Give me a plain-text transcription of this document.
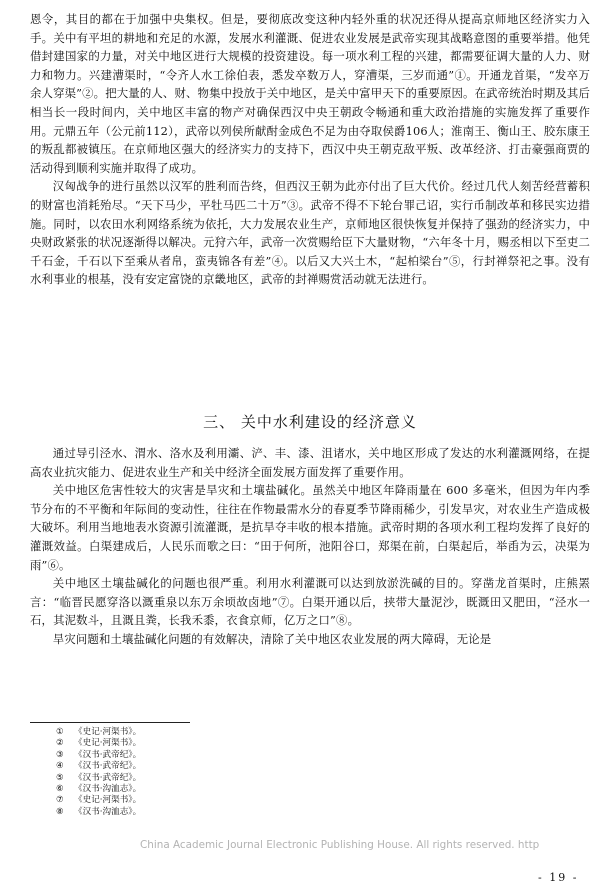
恩令，其目的都在于加强中央集权。但是，要彻底改变这种内轻外重的状况还得从提高京师地区经济实力入手。关中有平坦的耕地和充足的水源，发展水利灌溉、促进农业发展是武帝实现其战略意图的重要举措。他凭借封建国家的力量，对关中地区进行大规模的投资建设。每一项水利工程的兴建，都需要征调大量的人力、财力和物力。兴建漕渠时，“令齐人水工徐伯表，悉发卒数万人，穿漕渠，三岁而通”①。开通龙首渠，“发卒万余人穿渠”②。把大量的人、财、物集中投放于关中地区，是关中富甲天下的重要原因。在武帝统治时期及其后相当长一段时间内，关中地区丰富的物产对确保西汉中央王朝政令畅通和重大政治措施的实施发挥了重要作用。元鼎五年（公元前112），武帝以列侯所献酎金成色不足为由夺取侯爵106人；淮南王、衡山王、胶东康王的叛乱都被镇压。在京师地区强大的经济实力的支持下，西汉中央王朝克敌平叛、改革经济、打击豪强商贾的活动得到顺利实施并取得了成功。

汉匈战争的进行虽然以汉军的胜利而告终，但西汉王朝为此亦付出了巨大代价。经过几代人刻苦经营蓄积的财富也消耗殆尽。“天下马少，平牡马匹二十万”③。武帝不得不下轮台罪己诏，实行币制改革和移民实边措施。同时，以农田水利网络系统为依托，大力发展农业生产，京师地区很快恢复并保持了强劲的经济实力，中央财政紧张的状况逐渐得以解决。元狩六年，武帝一次赏赐给臣下大量财物，“六年冬十月，赐丞相以下至吏二千石金，千石以下至乘从者帛，蛮夷锦各有差”④。以后又大兴土木，“起柏梁台”⑤，行封禅祭祀之事。没有水利事业的根基，没有安定富饶的京畿地区，武帝的封禅赐赏活动就无法进行。

三、 关中水利建设的经济意义

通过导引泾水、渭水、洛水及利用灞、浐、丰、漆、沮诸水，关中地区形成了发达的水利灌溉网络，在提高农业抗灾能力、促进农业生产和关中经济全面发展方面发挥了重要作用。

关中地区危害性较大的灾害是旱灾和土壤盐碱化。虽然关中地区年降雨量在 600 多毫米，但因为年内季节分布的不平衡和年际间的变动性，往往在作物最需水分的春夏季节降雨稀少，引发旱灾，对农业生产造成极大破坏。利用当地地表水资源引流灌溉，是抗旱夺丰收的根本措施。武帝时期的各项水利工程均发挥了良好的灌溉效益。白渠建成后，人民乐而歌之曰：“田于何所，池阳谷口，郑渠在前，白渠起后，举臿为云，决渠为雨”⑥。

关中地区土壤盐碱化的问题也很严重。利用水利灌溉可以达到放淤洗碱的目的。穿凿龙首渠时，庄熊罴言：“临晋民愿穿洛以溉重泉以东万余顷故卤地”⑦。白渠开通以后，挟带大量泥沙，既溉田又肥田，“泾水一石，其泥数斗，且溉且粪，长我禾黍，衣食京师，亿万之口”⑧。

旱灾问题和土壤盐碱化问题的有效解决，清除了关中地区农业发展的两大障碍，无论是

①	《史记·河渠书》。
②	《史记·河渠书》。
③	《汉书·武帝纪》。
④	《汉书·武帝纪》。
⑤	《汉书·武帝纪》。
⑥	《汉书·沟洫志》。
⑦	《史记·河渠书》。
⑧	《汉书·沟洫志》。
China Academic Journal Electronic Publishing House. All rights reserved. http
- 19 -
